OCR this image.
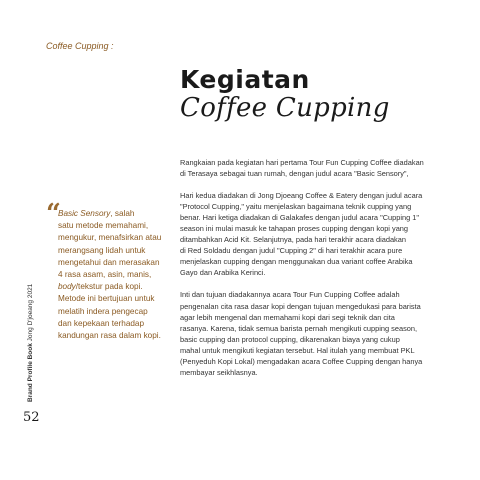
Coffee Cupping :
Kegiatan
Coffee Cupping
“
Basic Sensory, salah
satu metode memahami,
mengukur, menafsirkan atau
merangsang lidah untuk
mengetahui dan merasakan
4 rasa asam, asin, manis,
body/tekstur pada kopi.
Metode ini bertujuan untuk
melatih indera pengecap
dan kepekaan terhadap
kandungan rasa dalam kopi.

Rangkaian pada kegiatan hari pertama Tour Fun Cupping Coffee diadakan
di Terasaya sebagai tuan rumah, dengan judul acara "Basic Sensory",

Hari kedua diadakan di Jong Djoeang Coffee & Eatery dengan judul acara
"Protocol Cupping," yaitu menjelaskan bagaimana teknik cupping yang
benar. Hari ketiga diadakan di Galakafes dengan judul acara "Cupping 1"
season ini mulai masuk ke tahapan proses cupping dengan kopi yang
ditambahkan Acid Kit. Selanjutnya, pada hari terakhir acara diadakan
di Red Soldadu dengan judul "Cupping 2" di hari terakhir acara pure
menjelaskan cupping dengan menggunakan dua variant coffee Arabika
Gayo dan Arabika Kerinci.

Inti dan tujuan diadakannya acara Tour Fun Cupping Coffee adalah
pengenalan cita rasa dasar kopi dengan tujuan mengedukasi para barista
agar lebih mengenal dan memahami kopi dari segi teknik dan cita
rasanya. Karena, tidak semua barista pernah mengikuti cupping season,
basic cupping dan protocol cupping, dikarenakan biaya yang cukup
mahal untuk mengikuti kegiatan tersebut. Hal itulah yang membuat PKL
(Penyeduh Kopi Lokal) mengadakan acara Coffee Cupping dengan hanya
membayar seikhlasnya.

Brand Profile Book Jong D'joeang 2021
52
